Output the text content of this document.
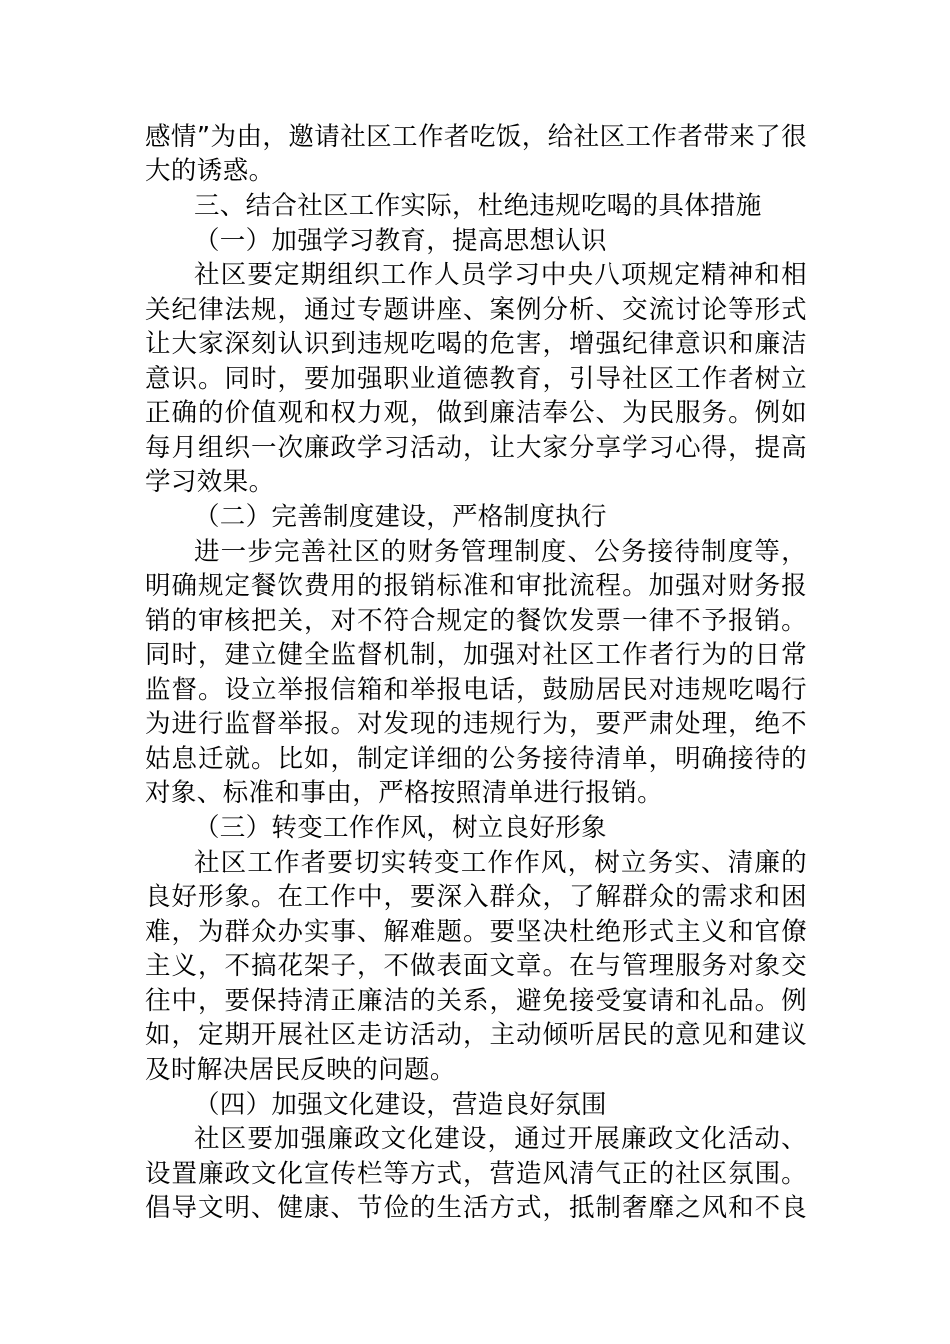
感情”为由，邀请社区工作者吃饭，给社区工作者带来了很
大的诱惑。
三、结合社区工作实际，杜绝违规吃喝的具体措施
（一）加强学习教育，提高思想认识
社区要定期组织工作人员学习中央八项规定精神和相
关纪律法规，通过专题讲座、案例分析、交流讨论等形式
让大家深刻认识到违规吃喝的危害，增强纪律意识和廉洁
意识。同时，要加强职业道德教育，引导社区工作者树立
正确的价值观和权力观，做到廉洁奉公、为民服务。例如
每月组织一次廉政学习活动，让大家分享学习心得，提高
学习效果。
（二）完善制度建设，严格制度执行
进一步完善社区的财务管理制度、公务接待制度等，
明确规定餐饮费用的报销标准和审批流程。加强对财务报
销的审核把关，对不符合规定的餐饮发票一律不予报销。
同时，建立健全监督机制，加强对社区工作者行为的日常
监督。设立举报信箱和举报电话，鼓励居民对违规吃喝行
为进行监督举报。对发现的违规行为，要严肃处理，绝不
姑息迁就。比如，制定详细的公务接待清单，明确接待的
对象、标准和事由，严格按照清单进行报销。
（三）转变工作作风，树立良好形象
社区工作者要切实转变工作作风，树立务实、清廉的
良好形象。在工作中，要深入群众，了解群众的需求和困
难，为群众办实事、解难题。要坚决杜绝形式主义和官僚
主义，不搞花架子，不做表面文章。在与管理服务对象交
往中，要保持清正廉洁的关系，避免接受宴请和礼品。例
如，定期开展社区走访活动，主动倾听居民的意见和建议
及时解决居民反映的问题。
（四）加强文化建设，营造良好氛围
社区要加强廉政文化建设，通过开展廉政文化活动、
设置廉政文化宣传栏等方式，营造风清气正的社区氛围。
倡导文明、健康、节俭的生活方式，抵制奢靡之风和不良
